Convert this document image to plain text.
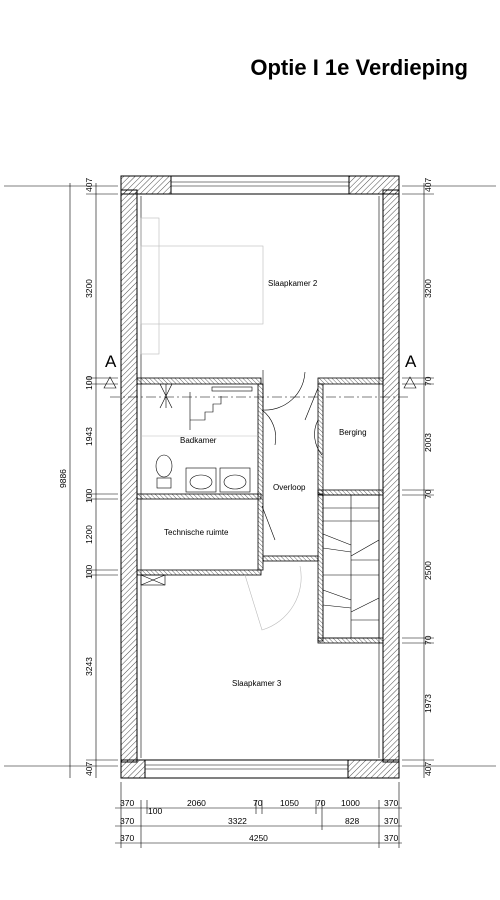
Optie I 1e Verdieping
A	A
Slaapkamer 2
Badkamer
Berging
Overloop
Technische ruimte
Slaapkamer 3
407
3200
100
1943
100
1200
100
3243
407
9886
407
3200
70
2003
70
2500
70
1973
407
370
100
2060	70 1050 70 1000	370
370	3322	828	370
370	4250	370
